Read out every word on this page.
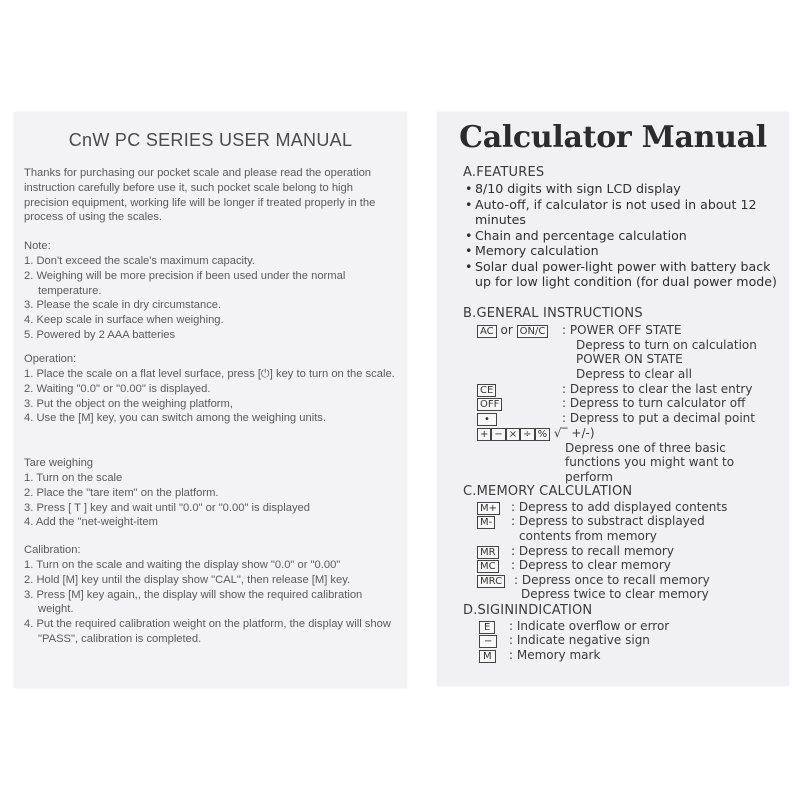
CnW PC SERIES USER MANUAL
Thanks for purchasing our pocket scale and please read the operation instruction carefully before use it, such pocket scale belong to high precision equipment, working life will be longer if treated properly in the process of using the scales.
Note:
1. Don't exceed the scale's maximum capacity.
2. Weighing will be more precision if been used under the normal temperature.
3. Please the scale in dry circumstance.
4. Keep scale in surface when weighing.
5. Powered by 2 AAA batteries
Operation:
1. Place the scale on a flat level surface, press [⏻] key to turn on the scale.
2. Waiting "0.0" or "0.00" is displayed.
3. Put the object on the weighing platform,
4. Use the [M] key, you can switch among the weighing units.
Tare weighing
1. Turn on the scale
2. Place the "tare item" on the platform.
3. Press [ T ] key and wait until "0.0" or "0.00" is displayed
4. Add the "net-weight-item
Calibration:
1. Turn on the scale and waiting the display show "0.0" or "0.00"
2. Hold [M] key until the display show "CAL", then release [M] key.
3. Press [M] key again,, the display will show the required calibration weight.
4. Put the required calibration weight on the platform, the display will show "PASS", calibration is completed.
Calculator Manual
A.FEATURES
• 8/10 digits with sign LCD display
• Auto-off, if calculator is not used in about 12 minutes
• Chain and percentage calculation
• Memory calculation
• Solar dual power-light power with battery back up for low light condition (for dual power mode)
B.GENERAL INSTRUCTIONS
AC or ON/C : POWER OFF STATE
Depress to turn on calculation
POWER ON STATE
Depress to clear all
CE	: Depress to clear the last entry
OFF	: Depress to turn calculator off
•	: Depress to put a decimal point
+ − × ÷ % √‾ +/-)
Depress one of three basic
functions you might want to
perform
C.MEMORY CALCULATION
M+ : Depress to add displayed contents
M- : Depress to substract displayed
contents from memory
MR : Depress to recall memory
MC : Depress to clear memory
MRC : Depress once to recall memory
Depress twice to clear memory
D.SIGININDICATION
E	: Indicate overflow or error
−	: Indicate negative sign
M	: Memory mark
